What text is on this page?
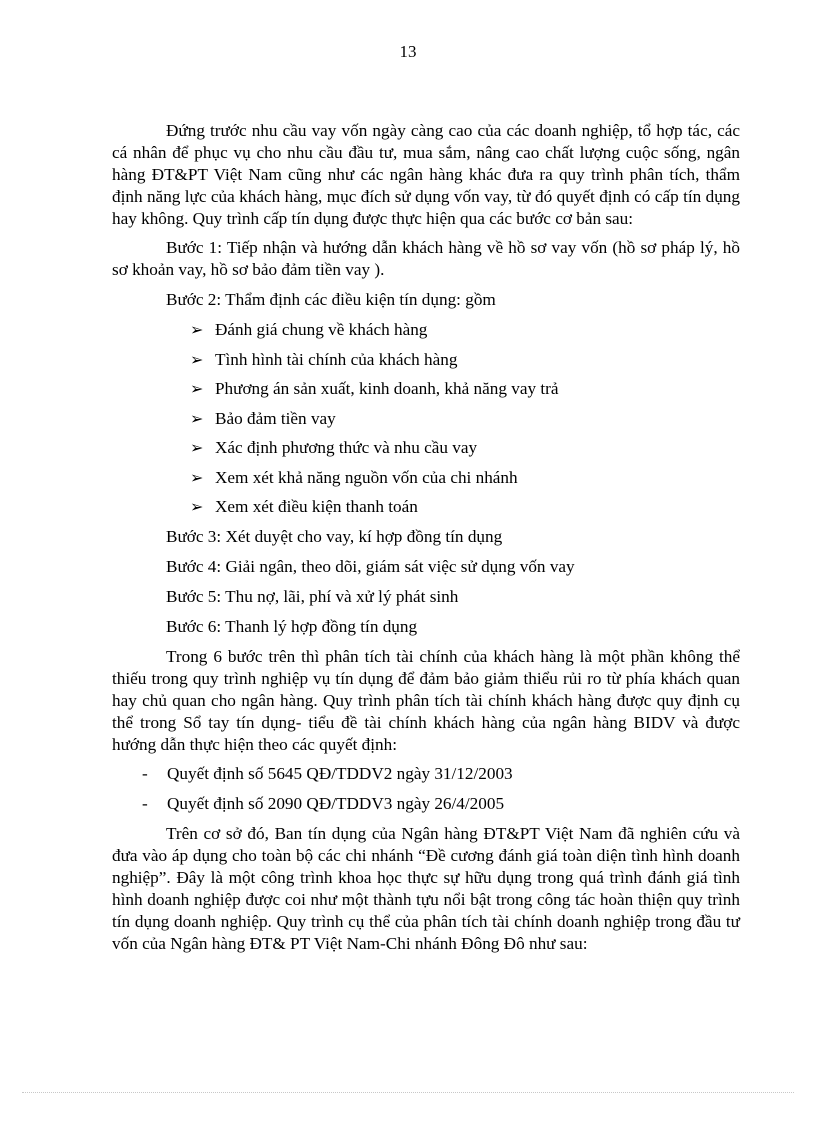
13

Đứng trước nhu cầu vay vốn ngày càng cao của các doanh nghiệp, tổ hợp tác, các cá nhân để phục vụ cho nhu cầu đầu tư, mua sắm, nâng cao chất lượng cuộc sống, ngân hàng ĐT&PT Việt Nam cũng như các ngân hàng khác đưa ra quy trình phân tích, thẩm định năng lực của khách hàng, mục đích sử dụng vốn vay, từ đó quyết định có cấp tín dụng hay không. Quy trình cấp tín dụng được thực hiện qua các bước cơ bản sau:

Bước 1: Tiếp nhận và hướng dẫn khách hàng về hồ sơ vay vốn (hồ sơ pháp lý, hồ sơ khoản vay, hồ sơ bảo đảm tiền vay ).

Bước 2: Thẩm định các điều kiện tín dụng: gồm

➢ Đánh giá chung về khách hàng
➢ Tình hình tài chính của khách hàng
➢ Phương án sản xuất, kinh doanh, khả năng vay trả
➢ Bảo đảm tiền vay
➢ Xác định phương thức và nhu cầu vay
➢ Xem xét khả năng nguồn vốn của chi nhánh
➢ Xem xét điều kiện thanh toán

Bước 3: Xét duyệt cho vay, kí hợp đồng tín dụng

Bước 4: Giải ngân, theo dõi, giám sát việc sử dụng vốn vay

Bước 5: Thu nợ, lãi, phí và xử lý phát sinh

Bước 6: Thanh lý hợp đồng tín dụng

Trong 6 bước trên thì phân tích tài chính của khách hàng là một phần không thể thiếu trong quy trình nghiệp vụ tín dụng để đảm bảo giảm thiểu rủi ro từ phía khách quan hay chủ quan cho ngân hàng. Quy trình phân tích tài chính khách hàng được quy định cụ thể trong Sổ tay tín dụng- tiểu đề tài chính khách hàng của ngân hàng BIDV và được hướng dẫn thực hiện theo các quyết định:

- Quyết định số 5645 QĐ/TDDV2 ngày 31/12/2003
- Quyết định số 2090 QĐ/TDDV3 ngày 26/4/2005

Trên cơ sở đó, Ban tín dụng của Ngân hàng ĐT&PT Việt Nam đã nghiên cứu và đưa vào áp dụng cho toàn bộ các chi nhánh “Đề cương đánh giá toàn diện tình hình doanh nghiệp”. Đây là một công trình khoa học thực sự hữu dụng trong quá trình đánh giá tình hình doanh nghiệp được coi như một thành tựu nổi bật trong công tác hoàn thiện quy trình tín dụng doanh nghiệp. Quy trình cụ thể của phân tích tài chính doanh nghiệp trong đầu tư vốn của Ngân hàng ĐT& PT Việt Nam-Chi nhánh Đông Đô như sau:
